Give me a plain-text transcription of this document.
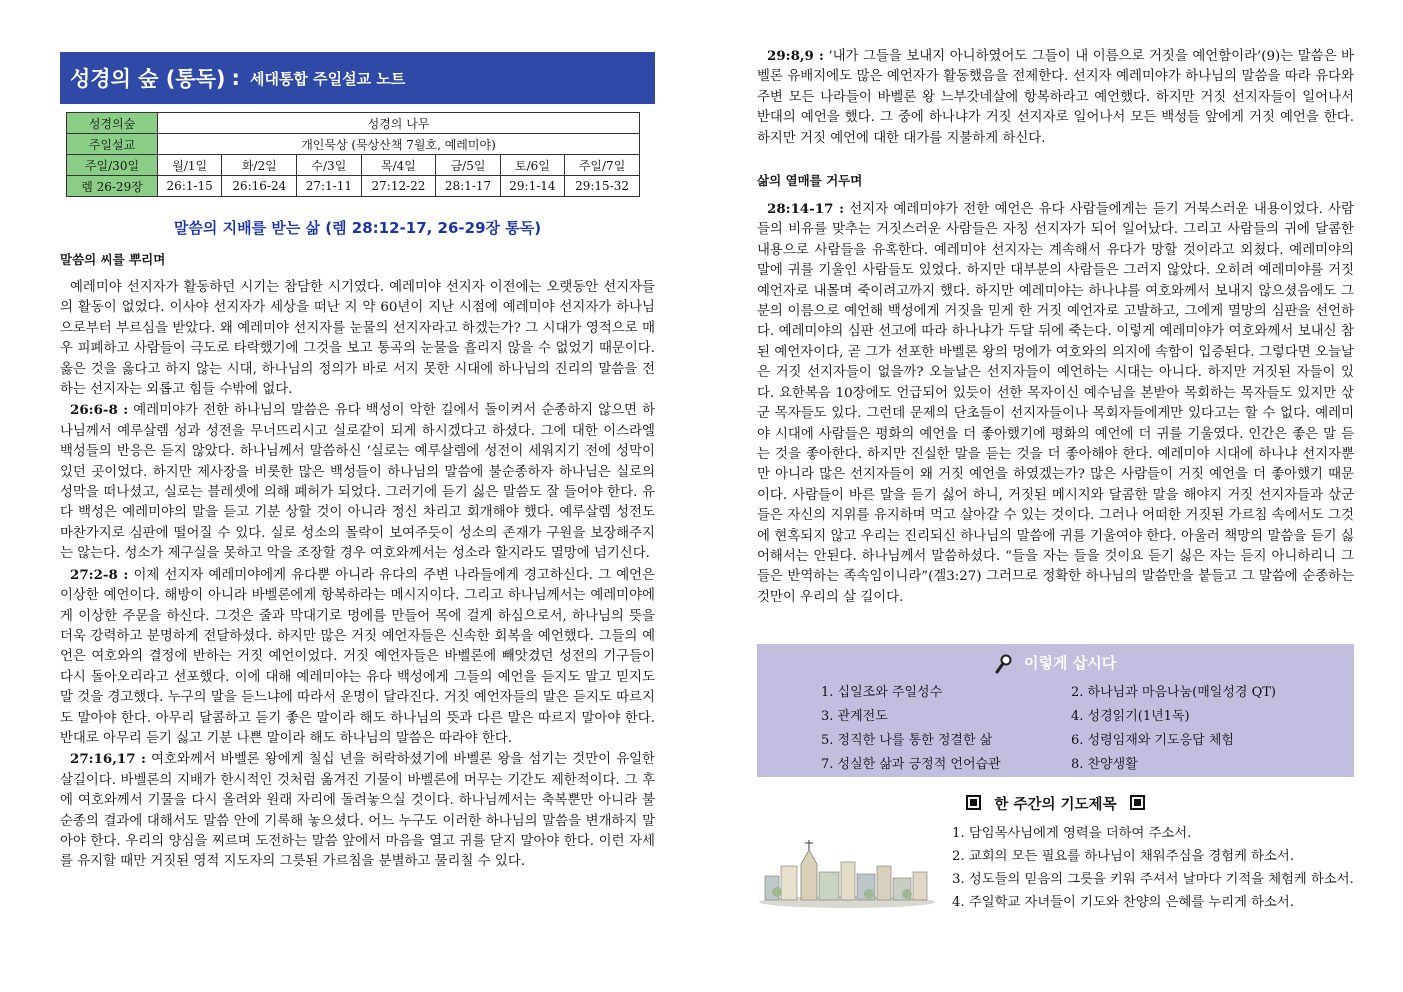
성경의 숲 (통독) : 세대통합 주일설교 노트
성경의숲	성경의 나무						
주일설교	개인묵상 (묵상산책 7월호, 예레미야)						
주일/30일	월/1일	화/2일	수/3일	목/4일	금/5일	토/6일	주일/7일
렘 26-29장	26:1-15	26:16-24	27:1-11	27:12-22	28:1-17	29:1-14	29:15-32
말씀의 지배를 받는 삶 (렘 28:12-17, 26-29장 통독)
말씀의 씨를 뿌리며

예레미야 선지자가 활동하던 시기는 참담한 시기였다. 예레미야 선지자 이전에는 오랫동안 선지자들의 활동이 없었다. 이사야 선지자가 세상을 떠난 지 약 60년이 지난 시점에 예레미야 선지자가 하나님으로부터 부르심을 받았다. 왜 예레미야 선지자를 눈물의 선지자라고 하겠는가? 그 시대가 영적으로 매우 피폐하고 사람들이 극도로 타락했기에 그것을 보고 통곡의 눈물을 흘리지 않을 수 없었기 때문이다. 옳은 것을 옳다고 하지 않는 시대, 하나님의 정의가 바로 서지 못한 시대에 하나님의 진리의 말씀을 전하는 선지자는 외롭고 힘들 수밖에 없다.

26:6-8 : 예레미야가 전한 하나님의 말씀은 유다 백성이 악한 길에서 돌이켜서 순종하지 않으면 하나님께서 예루살렘 성과 성전을 무너뜨리시고 실로같이 되게 하시겠다고 하셨다. 그에 대한 이스라엘 백성들의 반응은 듣지 않았다. 하나님께서 말씀하신 ‘실로는 예루살렘에 성전이 세워지기 전에 성막이 있던 곳이었다. 하지만 제사장을 비롯한 많은 백성들이 하나님의 말씀에 불순종하자 하나님은 실로의 성막을 떠나셨고, 실로는 블레셋에 의해 폐허가 되었다. 그러기에 듣기 싫은 말씀도 잘 들어야 한다. 유다 백성은 예레미야의 말을 듣고 기분 상할 것이 아니라 정신 차리고 회개해야 했다. 예루살렘 성전도 마찬가지로 심판에 떨어질 수 있다. 실로 성소의 몰락이 보여주듯이 성소의 존재가 구원을 보장해주지는 않는다. 성소가 제구실을 못하고 악을 조장할 경우 여호와께서는 성소라 할지라도 멸망에 넘기신다.

27:2-8 : 이제 선지자 예레미야에게 유다뿐 아니라 유다의 주변 나라들에게 경고하신다. 그 예언은 이상한 예언이다. 해방이 아니라 바벨론에게 항복하라는 메시지이다. 그리고 하나님께서는 예레미야에게 이상한 주문을 하신다. 그것은 줄과 막대기로 멍에를 만들어 목에 걸게 하심으로서, 하나님의 뜻을 더욱 강력하고 분명하게 전달하셨다. 하지만 많은 거짓 예언자들은 신속한 회복을 예언했다. 그들의 예언은 여호와의 결정에 반하는 거짓 예언이었다. 거짓 예언자들은 바벨론에 빼앗겼던 성전의 기구들이 다시 돌아오리라고 선포했다. 이에 대해 예레미야는 유다 백성에게 그들의 예언을 듣지도 말고 믿지도 말 것을 경고했다. 누구의 말을 듣느냐에 따라서 운명이 달라진다. 거짓 예언자들의 말은 듣지도 따르지도 말아야 한다. 아무리 달콤하고 듣기 좋은 말이라 해도 하나님의 뜻과 다른 말은 따르지 말아야 한다. 반대로 아무리 듣기 싫고 기분 나쁜 말이라 해도 하나님의 말씀은 따라야 한다.

27:16,17 : 여호와께서 바벨론 왕에게 칠십 년을 허락하셨기에 바벨론 왕을 섬기는 것만이 유일한 살길이다. 바벨론의 지배가 한시적인 것처럼 옮겨진 기물이 바벨론에 머무는 기간도 제한적이다. 그 후에 여호와께서 기물을 다시 올려와 원래 자리에 돌려놓으실 것이다. 하나님께서는 축복뿐만 아니라 불순종의 결과에 대해서도 말씀 안에 기록해 놓으셨다. 어느 누구도 이러한 하나님의 말씀을 변개하지 말아야 한다. 우리의 양심을 찌르며 도전하는 말씀 앞에서 마음을 열고 귀를 닫지 말아야 한다. 이런 자세를 유지할 때만 거짓된 영적 지도자의 그릇된 가르침을 분별하고 물리칠 수 있다.

29:8,9 : ‘내가 그들을 보내지 아니하였어도 그들이 내 이름으로 거짓을 예언함이라’(9)는 말씀은 바벨론 유배지에도 많은 예언자가 활동했음을 전제한다. 선지자 예레미야가 하나님의 말씀을 따라 유다와 주변 모든 나라들이 바벨론 왕 느부갓네살에 항복하라고 예언했다. 하지만 거짓 선지자들이 일어나서 반대의 예언을 했다. 그 중에 하나냐가 거짓 선지자로 일어나서 모든 백성들 앞에게 거짓 예언을 한다. 하지만 거짓 예언에 대한 대가를 지불하게 하신다.

삶의 열매를 거두며

28:14-17 : 선지자 예레미야가 전한 예언은 유다 사람들에게는 듣기 거북스러운 내용이었다. 사람들의 비유를 맞추는 거짓스러운 사람들은 자칭 선지자가 되어 일어났다. 그리고 사람들의 귀에 달콤한 내용으로 사람들을 유혹한다. 예레미야 선지자는 계속해서 유다가 망할 것이라고 외쳤다. 예레미야의 말에 귀를 기울인 사람들도 있었다. 하지만 대부분의 사람들은 그러지 않았다. 오히려 예레미야를 거짓 예언자로 내몰며 죽이려고까지 했다. 하지만 예레미야는 하나냐를 여호와께서 보내지 않으셨음에도 그분의 이름으로 예언해 백성에게 거짓을 믿게 한 거짓 예언자로 고발하고, 그에게 멸망의 심판을 선언하다. 예레미야의 심판 선고에 따라 하나냐가 두달 뒤에 죽는다. 이렇게 예레미야가 여호와께서 보내신 참된 예언자이다, 곧 그가 선포한 바벨론 왕의 멍에가 여호와의 의지에 속함이 입증된다. 그렇다면 오늘날은 거짓 선지자들이 없을까? 오늘날은 선지자들이 예언하는 시대는 아니다. 하지만 거짓된 자들이 있다. 요한복음 10장에도 언급되어 있듯이 선한 목자이신 예수님을 본받아 목회하는 목자들도 있지만 삯군 목자들도 있다. 그런데 문제의 단초들이 선지자들이나 목회자들에게만 있다고는 할 수 없다. 예레미야 시대에 사람들은 평화의 예언을 더 좋아했기에 평화의 예언에 더 귀를 기울였다. 인간은 좋은 말 듣는 것을 좋아한다. 하지만 진실한 말을 듣는 것을 더 좋아해야 한다. 예레미야 시대에 하나냐 선지자뿐만 아니라 많은 선지자들이 왜 거짓 예언을 하였겠는가? 많은 사람들이 거짓 예언을 더 좋아했기 때문이다. 사람들이 바른 말을 듣기 싫어 하니, 거짓된 메시지와 달콤한 말을 해야지 거짓 선지자들과 삯군들은 자신의 지위를 유지하며 먹고 살아갈 수 있는 것이다. 그러나 어떠한 거짓된 가르침 속에서도 그것에 현혹되지 않고 우리는 진리되신 하나님의 말씀에 귀를 기울여야 한다. 아울러 책망의 말씀을 듣기 싫어해서는 안된다. 하나님께서 말씀하셨다. “들을 자는 들을 것이요 듣기 싫은 자는 듣지 아니하리니 그들은 반역하는 족속임이니라”(겔3:27) 그러므로 정확한 하나님의 말씀만을 붙들고 그 말씀에 순종하는 것만이 우리의 살 길이다.

이렇게 삽시다
1. 십일조와 주일성수	2. 하나님과 마음나눔(매일성경 QT)
3. 관계전도	4. 성경읽기(1년1독)
5. 정직한 나를 통한 정결한 삶	6. 성령임재와 기도응답 체험
7. 성실한 삶과 긍정적 언어습관	8. 찬양생활
한 주간의 기도제목
1. 담임목사님에게 영력을 더하여 주소서.
2. 교회의 모든 필요를 하나님이 채워주심을 경험케 하소서.
3. 성도들의 믿음의 그릇을 키워 주셔서 날마다 기적을 체험케 하소서.
4. 주일학교 자녀들이 기도와 찬양의 은혜를 누리게 하소서.
